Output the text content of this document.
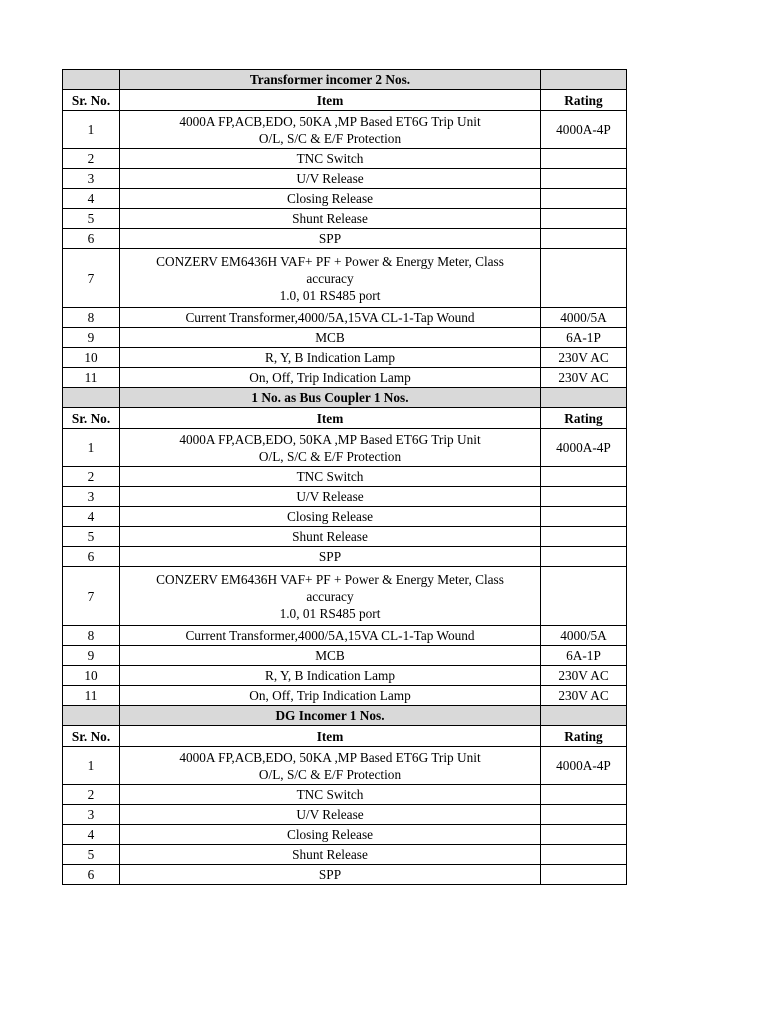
	Transformer incomer 2 Nos.	
Sr. No.	Item	Rating
1	4000A FP,ACB,EDO, 50KA ,MP Based ET6G Trip Unit
O/L, S/C & E/F Protection	4000A-4P
2	TNC Switch	

3	U/V Release	

4	Closing Release	

5	Shunt Release	

6	SPP	

7	CONZERV EM6436H VAF+ PF + Power & Energy Meter, Class
accuracy
1.0, 01 RS485 port	

8	Current Transformer,4000/5A,15VA CL-1-Tap Wound	4000/5A
9	MCB	6A-1P
10	R, Y, B Indication Lamp	230V AC
11	On, Off, Trip Indication Lamp	230V AC
	1 No. as Bus Coupler 1 Nos.	
Sr. No.	Item	Rating
1	4000A FP,ACB,EDO, 50KA ,MP Based ET6G Trip Unit
O/L, S/C & E/F Protection	4000A-4P
2	TNC Switch	

3	U/V Release	

4	Closing Release	

5	Shunt Release	

6	SPP	

7	CONZERV EM6436H VAF+ PF + Power & Energy Meter, Class
accuracy
1.0, 01 RS485 port	

8	Current Transformer,4000/5A,15VA CL-1-Tap Wound	4000/5A
9	MCB	6A-1P
10	R, Y, B Indication Lamp	230V AC
11	On, Off, Trip Indication Lamp	230V AC
	DG Incomer 1 Nos.	
Sr. No.	Item	Rating
1	4000A FP,ACB,EDO, 50KA ,MP Based ET6G Trip Unit
O/L, S/C & E/F Protection	4000A-4P
2	TNC Switch	

3	U/V Release	

4	Closing Release	

5	Shunt Release	

6	SPP	
